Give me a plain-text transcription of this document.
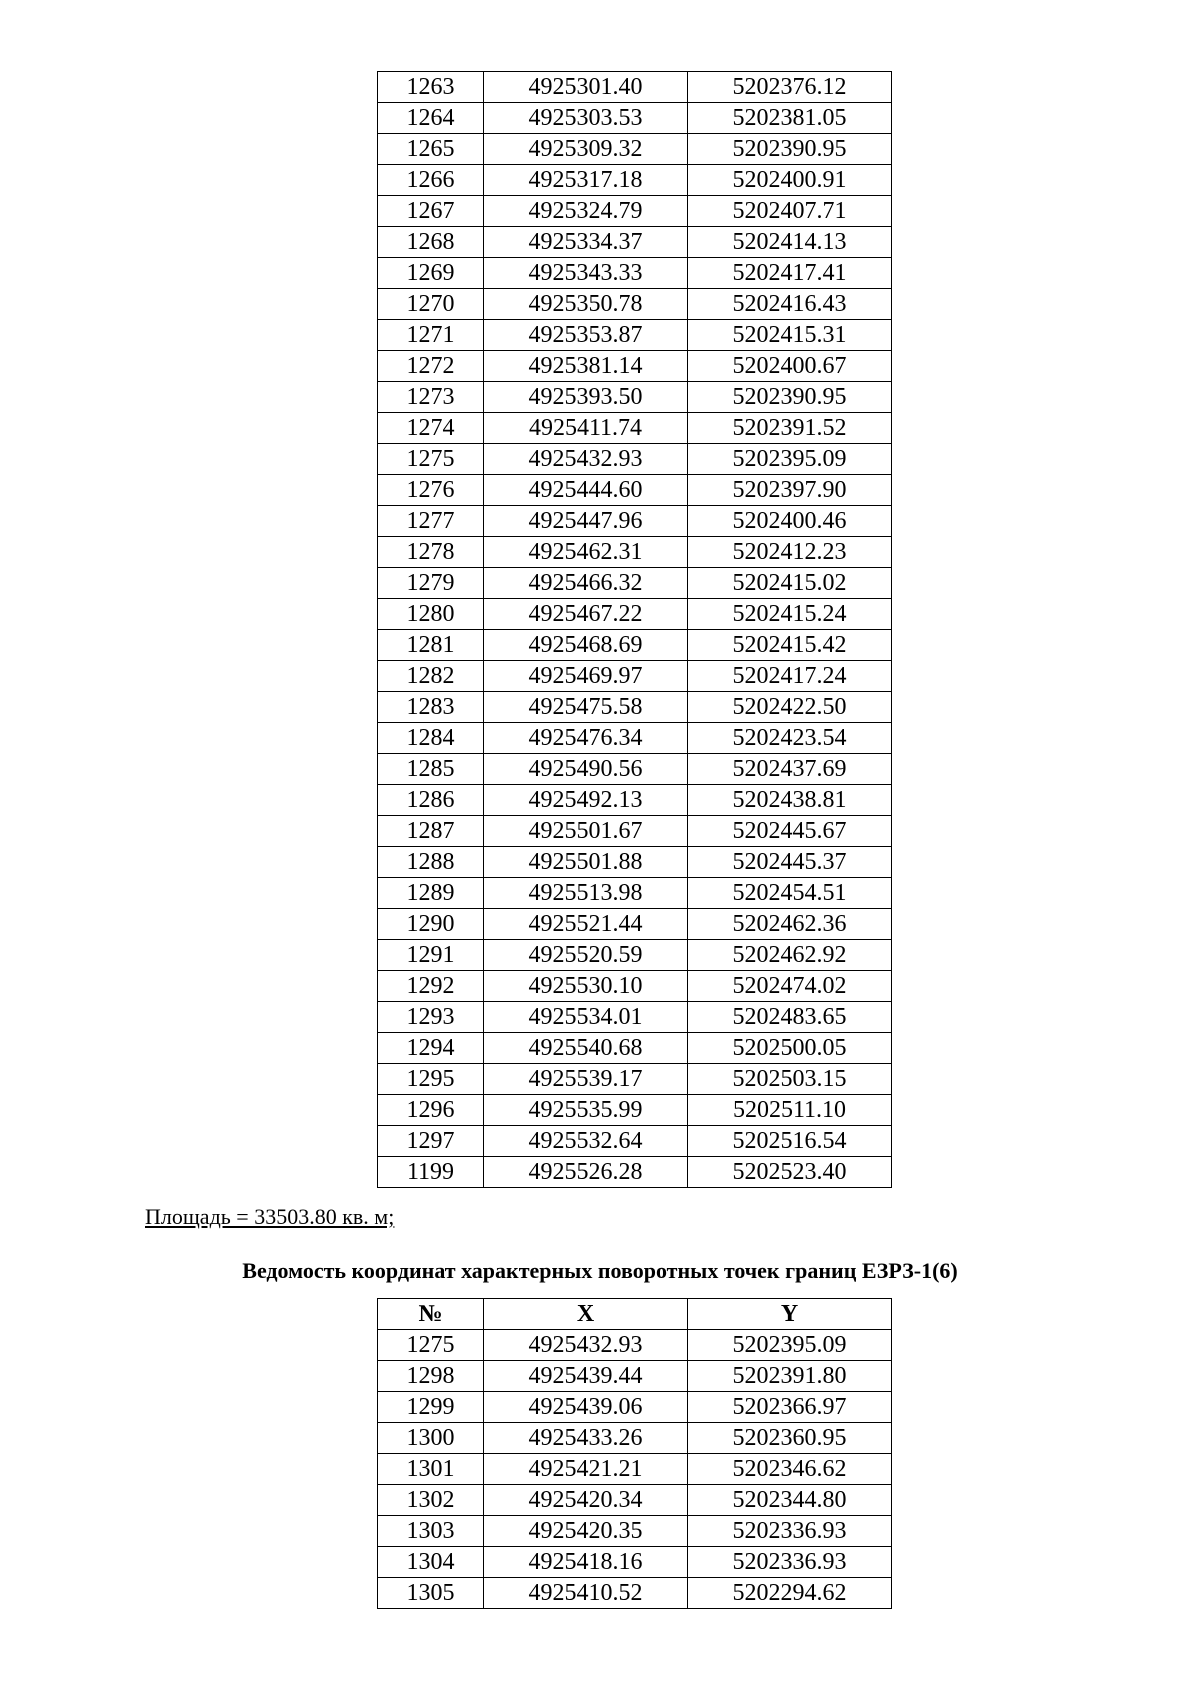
1263	4925301.40	5202376.12
1264	4925303.53	5202381.05
1265	4925309.32	5202390.95
1266	4925317.18	5202400.91
1267	4925324.79	5202407.71
1268	4925334.37	5202414.13
1269	4925343.33	5202417.41
1270	4925350.78	5202416.43
1271	4925353.87	5202415.31
1272	4925381.14	5202400.67
1273	4925393.50	5202390.95
1274	4925411.74	5202391.52
1275	4925432.93	5202395.09
1276	4925444.60	5202397.90
1277	4925447.96	5202400.46
1278	4925462.31	5202412.23
1279	4925466.32	5202415.02
1280	4925467.22	5202415.24
1281	4925468.69	5202415.42
1282	4925469.97	5202417.24
1283	4925475.58	5202422.50
1284	4925476.34	5202423.54
1285	4925490.56	5202437.69
1286	4925492.13	5202438.81
1287	4925501.67	5202445.67
1288	4925501.88	5202445.37
1289	4925513.98	5202454.51
1290	4925521.44	5202462.36
1291	4925520.59	5202462.92
1292	4925530.10	5202474.02
1293	4925534.01	5202483.65
1294	4925540.68	5202500.05
1295	4925539.17	5202503.15
1296	4925535.99	5202511.10
1297	4925532.64	5202516.54
1199	4925526.28	5202523.40
Площадь = 33503.80 кв. м;
Ведомость координат характерных поворотных точек границ ЕЗРЗ-1(6)
№	X	Y
1275	4925432.93	5202395.09
1298	4925439.44	5202391.80
1299	4925439.06	5202366.97
1300	4925433.26	5202360.95
1301	4925421.21	5202346.62
1302	4925420.34	5202344.80
1303	4925420.35	5202336.93
1304	4925418.16	5202336.93
1305	4925410.52	5202294.62
